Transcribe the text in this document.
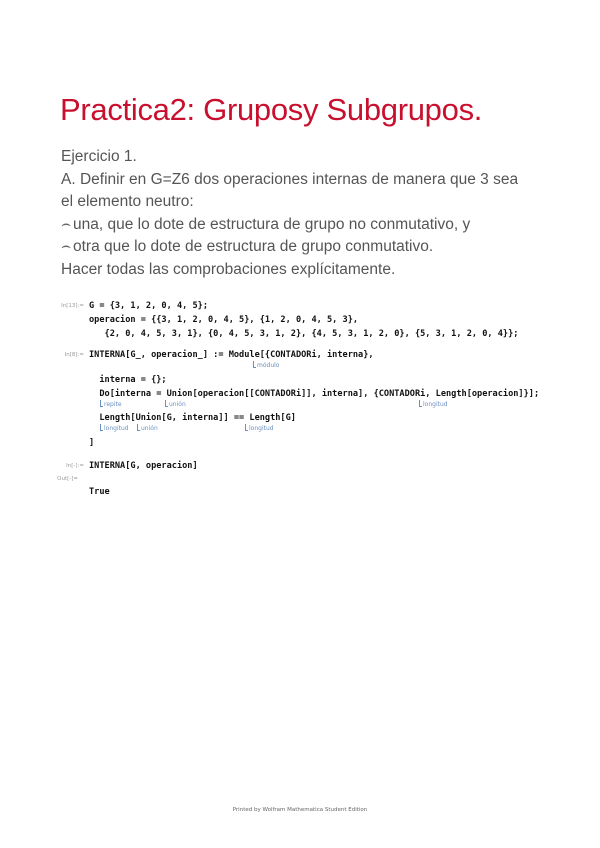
Practica2: Gruposy Subgrupos.
Ejercicio 1.
A. Definir en G=Z6 dos operaciones internas de manera que 3 sea
el elemento neutro:
⌢ una, que lo dote de estructura de grupo no conmutativo, y
⌢ otra que lo dote de estructura de grupo conmutativo.
Hacer todas las comprobaciones explícitamente.
In[13]:= G = {3, 1, 2, 0, 4, 5};
operacion = {{3, 1, 2, 0, 4, 5}, {1, 2, 0, 4, 5, 3},
{2, 0, 4, 5, 3, 1}, {0, 4, 5, 3, 1, 2}, {4, 5, 3, 1, 2, 0}, {5, 3, 1, 2, 0, 4}};
In[8]:= INTERNA[G_, operacion_] := Module[{CONTADORi, interna},
módulo
interna = {};
Do[interna = Union[operacion[[CONTADORi]], interna], {CONTADORi, Length[operacion]}];
repite	unión	longitud
Length[Union[G, interna]] == Length[G]
longitud	unión	longitud
]
In[-]:= INTERNA[G, operacion]
Out[-]=
True
Printed by Wolfram Mathematica Student Edition
